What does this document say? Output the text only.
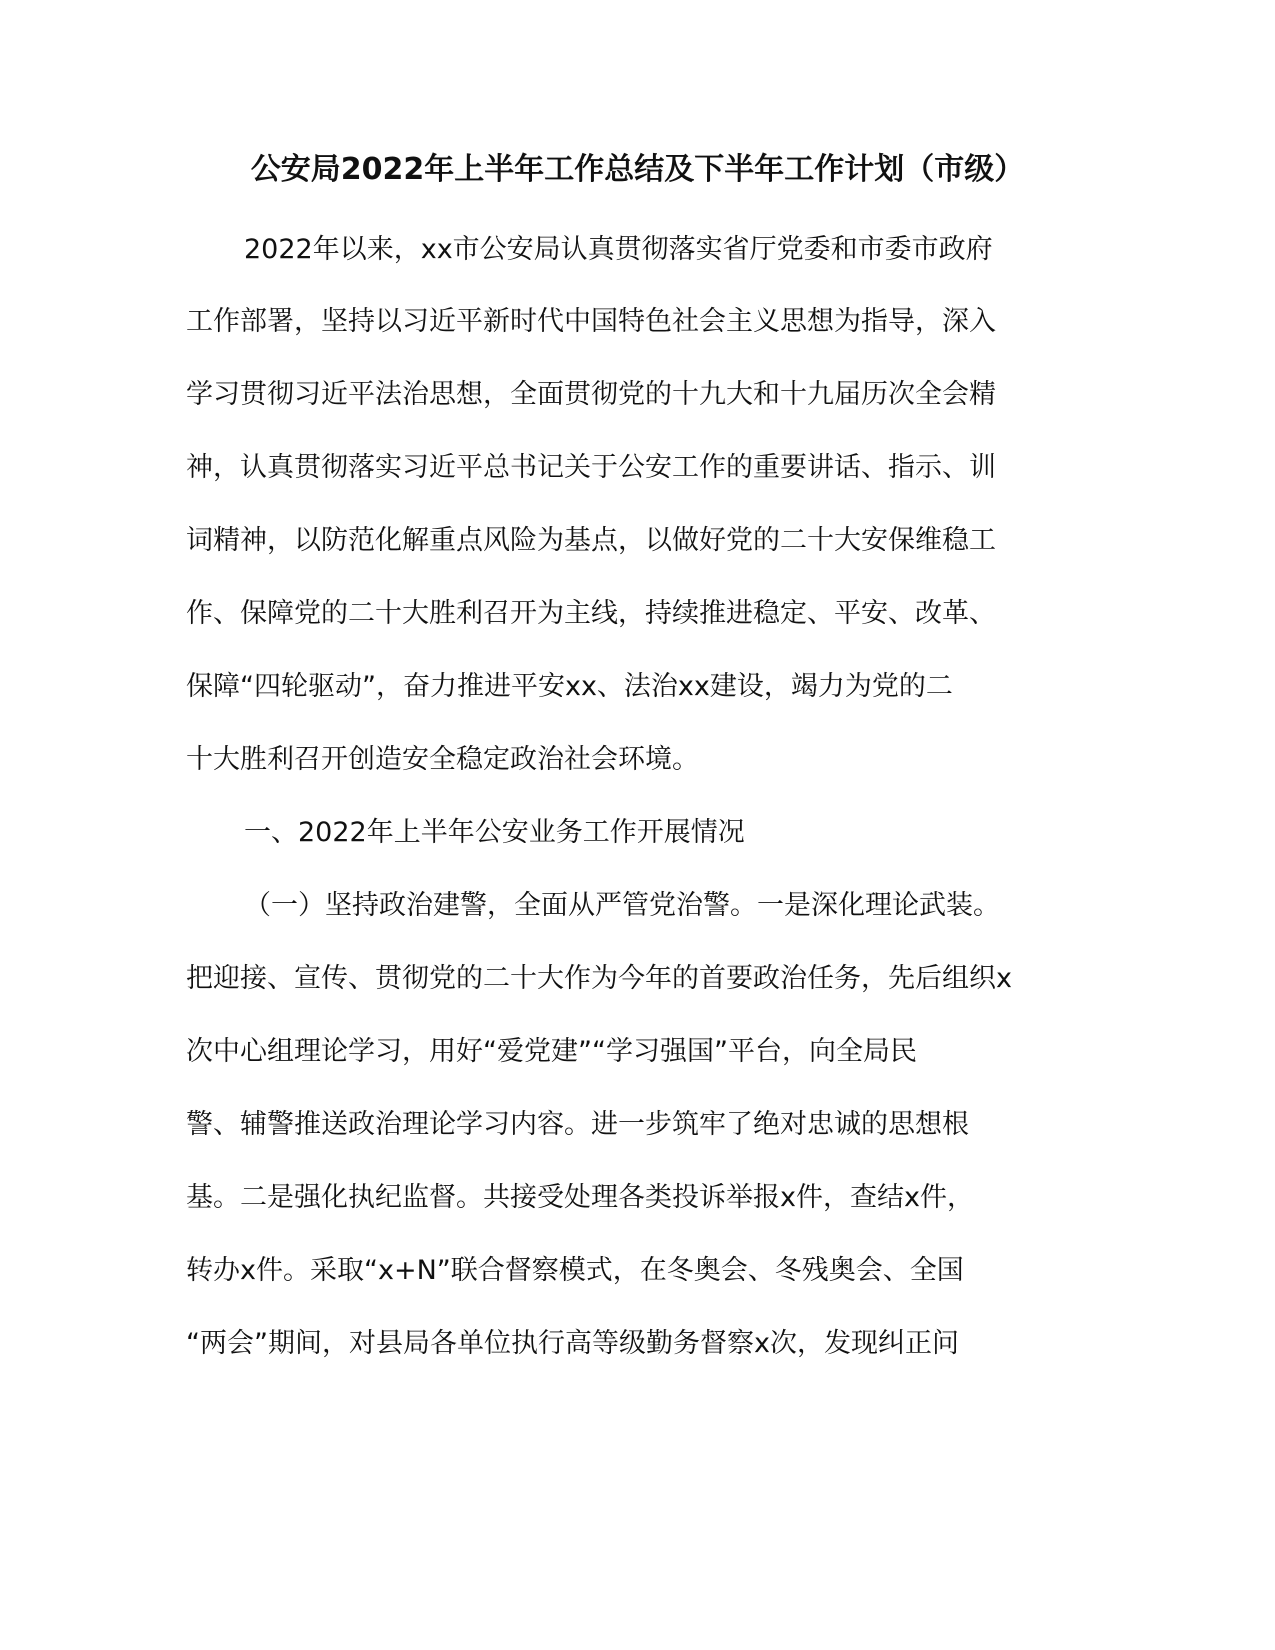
公安局2022年上半年工作总结及下半年工作计划（市级）

2022年以来，xx市公安局认真贯彻落实省厅党委和市委市政府

工作部署，坚持以习近平新时代中国特色社会主义思想为指导，深入

学习贯彻习近平法治思想，全面贯彻党的十九大和十九届历次全会精

神，认真贯彻落实习近平总书记关于公安工作的重要讲话、指示、训

词精神，以防范化解重点风险为基点，以做好党的二十大安保维稳工

作、保障党的二十大胜利召开为主线，持续推进稳定、平安、改革、

保障“四轮驱动”，奋力推进平安xx、法治xx建设，竭力为党的二

十大胜利召开创造安全稳定政治社会环境。

一、2022年上半年公安业务工作开展情况

（一）坚持政治建警，全面从严管党治警。一是深化理论武装。

把迎接、宣传、贯彻党的二十大作为今年的首要政治任务，先后组织x

次中心组理论学习，用好“爱党建”“学习强国”平台，向全局民

警、辅警推送政治理论学习内容。进一步筑牢了绝对忠诚的思想根

基。二是强化执纪监督。共接受处理各类投诉举报x件，查结x件，

转办x件。采取“x+N”联合督察模式，在冬奥会、冬残奥会、全国

“两会”期间，对县局各单位执行高等级勤务督察x次，发现纠正问
